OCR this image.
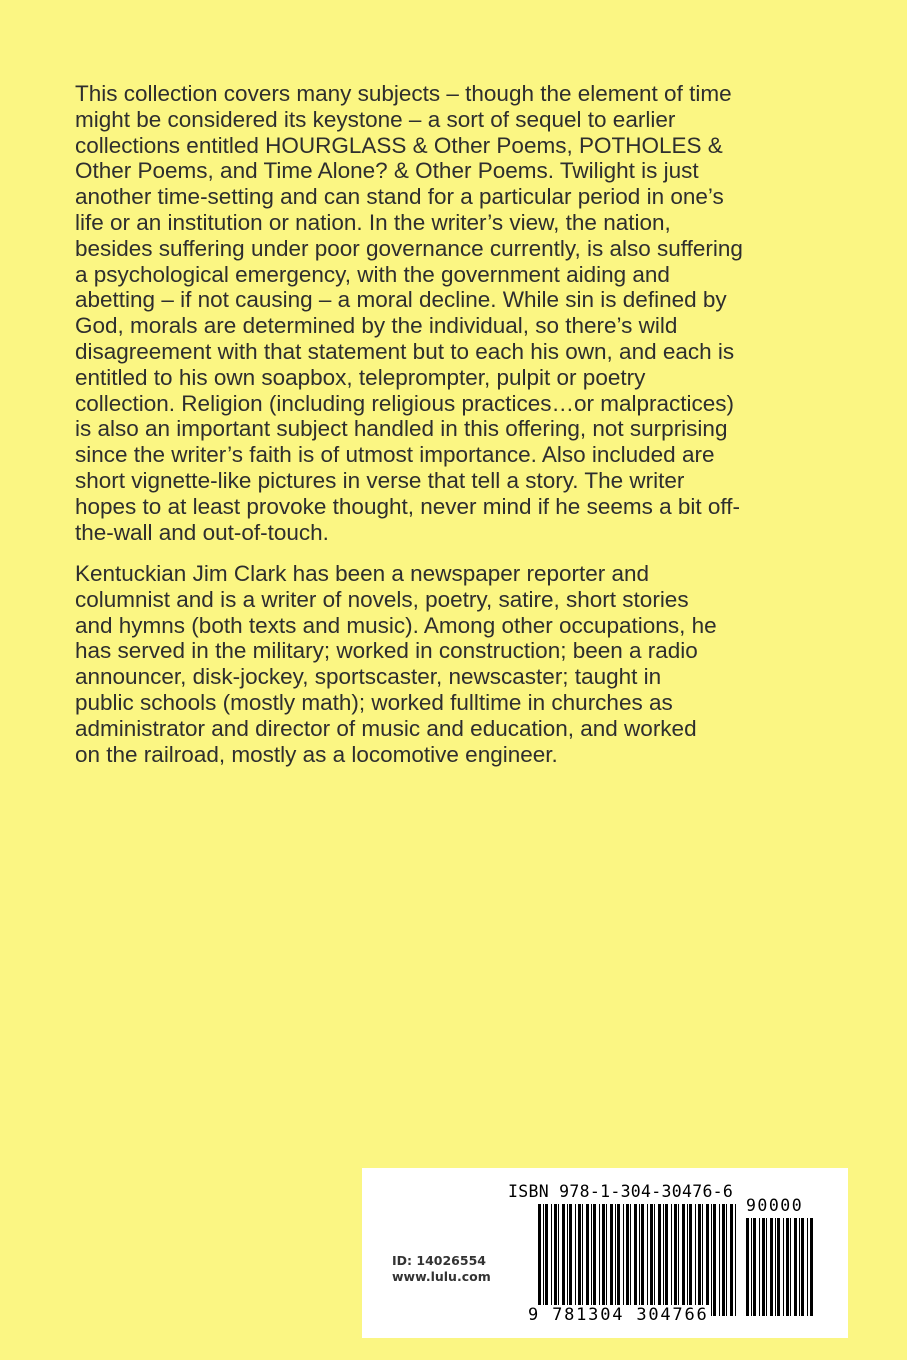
This collection covers many subjects – though the element of time
might be considered its keystone – a sort of sequel to earlier
collections entitled HOURGLASS & Other Poems, POTHOLES &
Other Poems, and Time Alone? & Other Poems. Twilight is just
another time-setting and can stand for a particular period in one’s
life or an institution or nation. In the writer’s view, the nation,
besides suffering under poor governance currently, is also suffering
a psychological emergency, with the government aiding and
abetting – if not causing – a moral decline. While sin is defined by
God, morals are determined by the individual, so there’s wild
disagreement with that statement but to each his own, and each is
entitled to his own soapbox, teleprompter, pulpit or poetry
collection. Religion (including religious practices…or malpractices)
is also an important subject handled in this offering, not surprising
since the writer’s faith is of utmost importance. Also included are
short vignette-like pictures in verse that tell a story. The writer
hopes to at least provoke thought, never mind if he seems a bit off-
the-wall and out-of-touch.
Kentuckian Jim Clark has been a newspaper reporter and
columnist and is a writer of novels, poetry, satire, short stories
and hymns (both texts and music). Among other occupations, he
has served in the military; worked in construction; been a radio
announcer, disk-jockey, sportscaster, newscaster; taught in
public schools (mostly math); worked fulltime in churches as
administrator and director of music and education, and worked
on the railroad, mostly as a locomotive engineer.
ID: 14026554
www.lulu.com
ISBN 978-1-304-30476-6
90000
9 781304 304766
